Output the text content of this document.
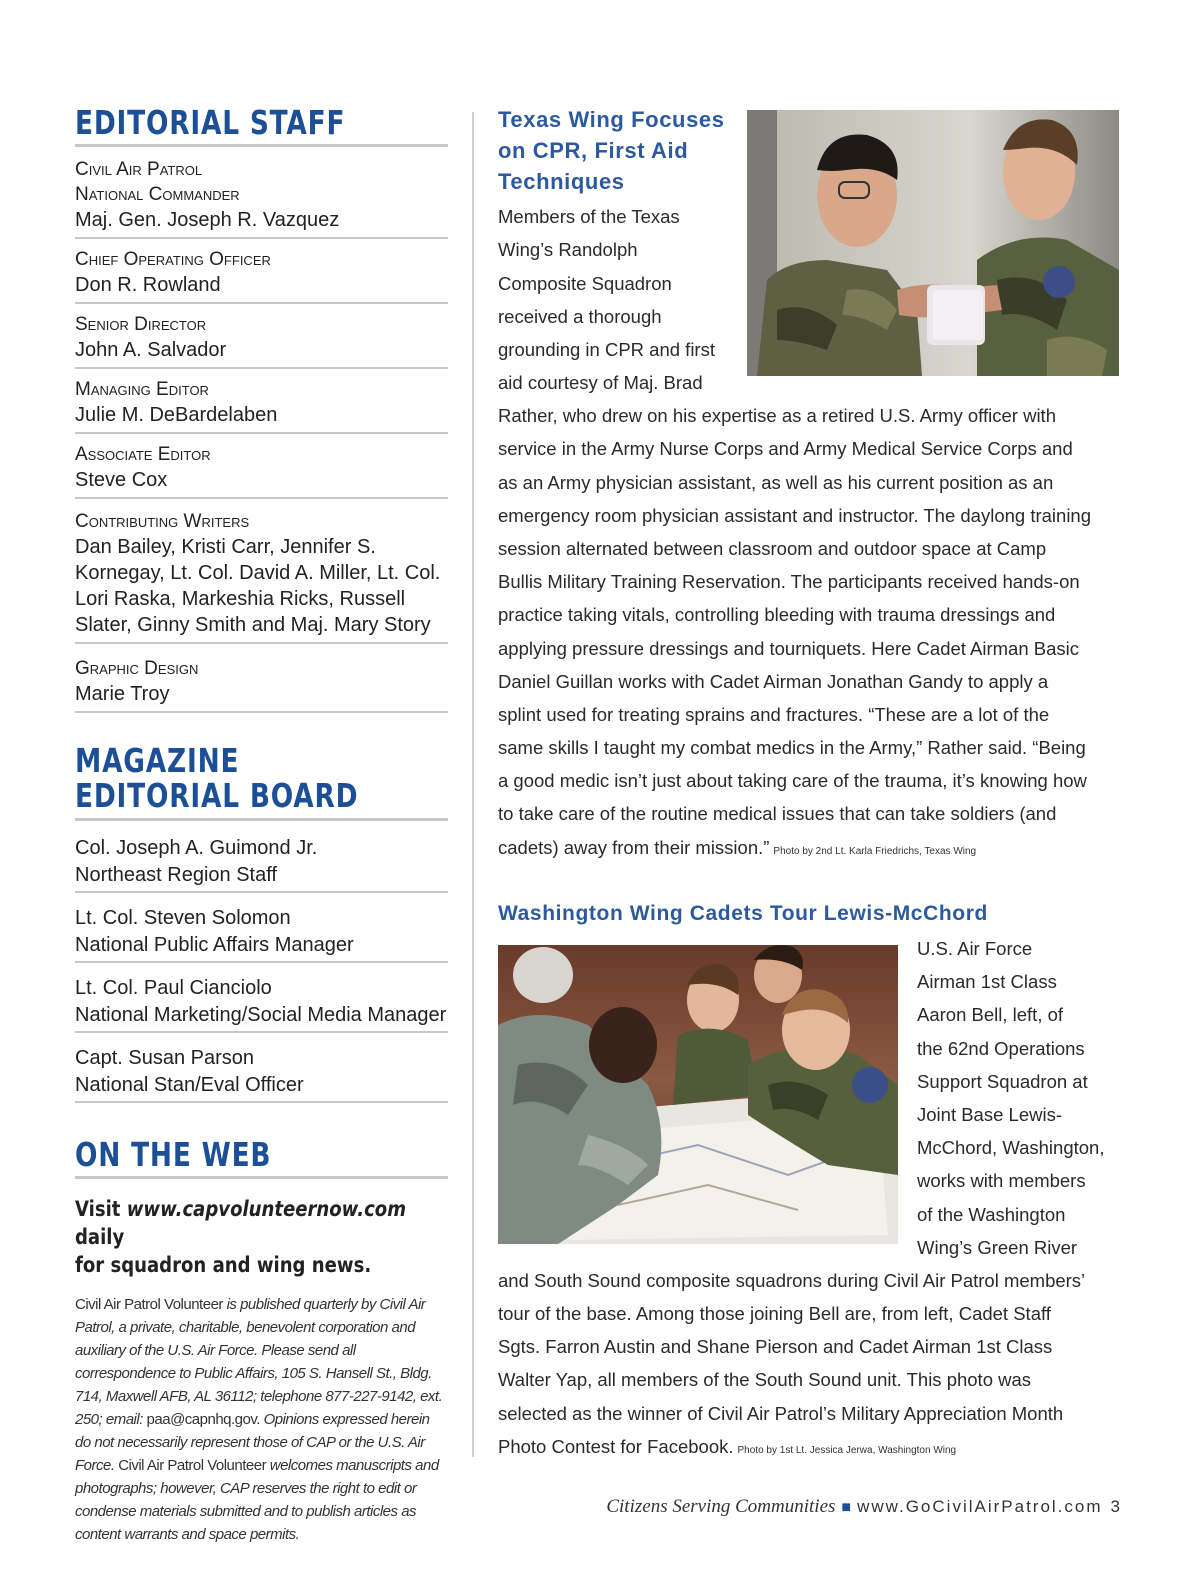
EDITORIAL STAFF
Civil Air Patrol
National Commander
Maj. Gen. Joseph R. Vazquez
Chief Operating Officer
Don R. Rowland
Senior Director
John A. Salvador
Managing Editor
Julie M. DeBardelaben
Associate Editor
Steve Cox
Contributing Writers
Dan Bailey, Kristi Carr, Jennifer S.
Kornegay, Lt. Col. David A. Miller, Lt. Col.
Lori Raska, Markeshia Ricks, Russell
Slater, Ginny Smith and Maj. Mary Story
Graphic Design
Marie Troy
MAGAZINE
EDITORIAL BOARD
Col. Joseph A. Guimond Jr.
Northeast Region Staff
Lt. Col. Steven Solomon
National Public Affairs Manager
Lt. Col. Paul Cianciolo
National Marketing/Social Media Manager
Capt. Susan Parson
National Stan/Eval Officer
ON THE WEB
Visit www.capvolunteernow.com daily
for squadron and wing news.
Civil Air Patrol Volunteer is published quarterly by Civil Air Patrol, a private, charitable, benevolent corporation and auxiliary of the U.S. Air Force. Please send all correspondence to Public Affairs, 105 S. Hansell St., Bldg. 714, Maxwell AFB, AL 36112; telephone 877-227-9142, ext. 250; email: paa@capnhq.gov. Opinions expressed herein do not necessarily represent those of CAP or the U.S. Air Force. Civil Air Patrol Volunteer welcomes manuscripts and photographs; however, CAP reserves the right to edit or condense materials submitted and to publish articles as content warrants and space permits.
Texas Wing Focuses
on CPR, First Aid
Techniques
Members of the Texas
Wing’s Randolph
Composite Squadron
received a thorough
grounding in CPR and first
aid courtesy of Maj. Brad
Rather, who drew on his expertise as a retired U.S. Army officer with
service in the Army Nurse Corps and Army Medical Service Corps and
as an Army physician assistant, as well as his current position as an
emergency room physician assistant and instructor. The daylong training
session alternated between classroom and outdoor space at Camp
Bullis Military Training Reservation. The participants received hands-on
practice taking vitals, controlling bleeding with trauma dressings and
applying pressure dressings and tourniquets. Here Cadet Airman Basic
Daniel Guillan works with Cadet Airman Jonathan Gandy to apply a
splint used for treating sprains and fractures. “These are a lot of the
same skills I taught my combat medics in the Army,” Rather said. “Being
a good medic isn’t just about taking care of the trauma, it’s knowing how
to take care of the routine medical issues that can take soldiers (and
cadets) away from their mission.” Photo by 2nd Lt. Karla Friedrichs, Texas Wing
Washington Wing Cadets Tour Lewis-McChord
U.S. Air Force
Airman 1st Class
Aaron Bell, left, of
the 62nd Operations
Support Squadron at
Joint Base Lewis-
McChord, Washington,
works with members
of the Washington
Wing’s Green River
and South Sound composite squadrons during Civil Air Patrol members’
tour of the base. Among those joining Bell are, from left, Cadet Staff
Sgts. Farron Austin and Shane Pierson and Cadet Airman 1st Class
Walter Yap, all members of the South Sound unit. This photo was
selected as the winner of Civil Air Patrol’s Military Appreciation Month
Photo Contest for Facebook. Photo by 1st Lt. Jessica Jerwa, Washington Wing
Citizens Serving Communities ■ www.GoCivilAirPatrol.com 3
